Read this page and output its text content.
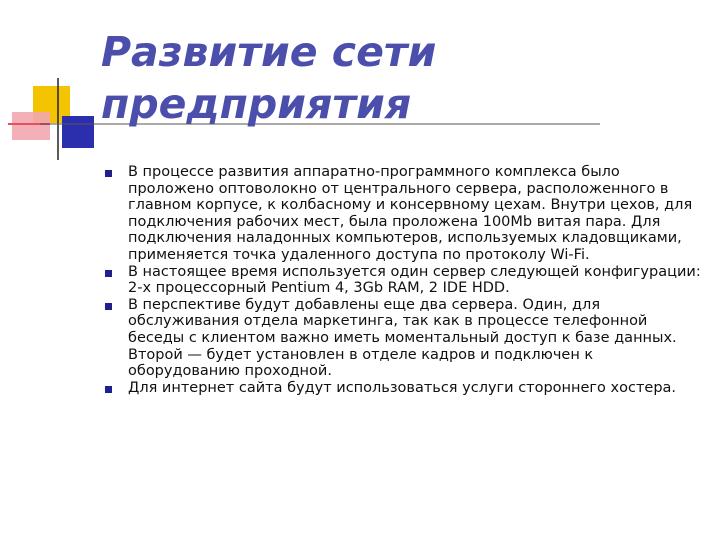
Развитие сети предприятия
В процессе развития аппаратно-программного комплекса было проложено оптоволокно от центрального сервера, расположенного в главном корпусе, к колбасному и консервному цехам. Внутри цехов, для подключения рабочих мест, была проложена 100Mb витая пара. Для подключения наладонных компьютеров, используемых кладовщиками, применяется точка удаленного доступа по протоколу Wi-Fi.
В настоящее время используется один сервер следующей конфигурации: 2-х процессорный Pentium 4, 3Gb RAM, 2 IDE HDD.
В перспективе будут добавлены еще два сервера. Один, для обслуживания отдела маркетинга, так как в процессе телефонной беседы с клиентом важно иметь моментальный доступ к базе данных. Второй — будет установлен в отделе кадров и подключен к оборудованию проходной.
Для интернет сайта будут использоваться услуги стороннего хостера.
